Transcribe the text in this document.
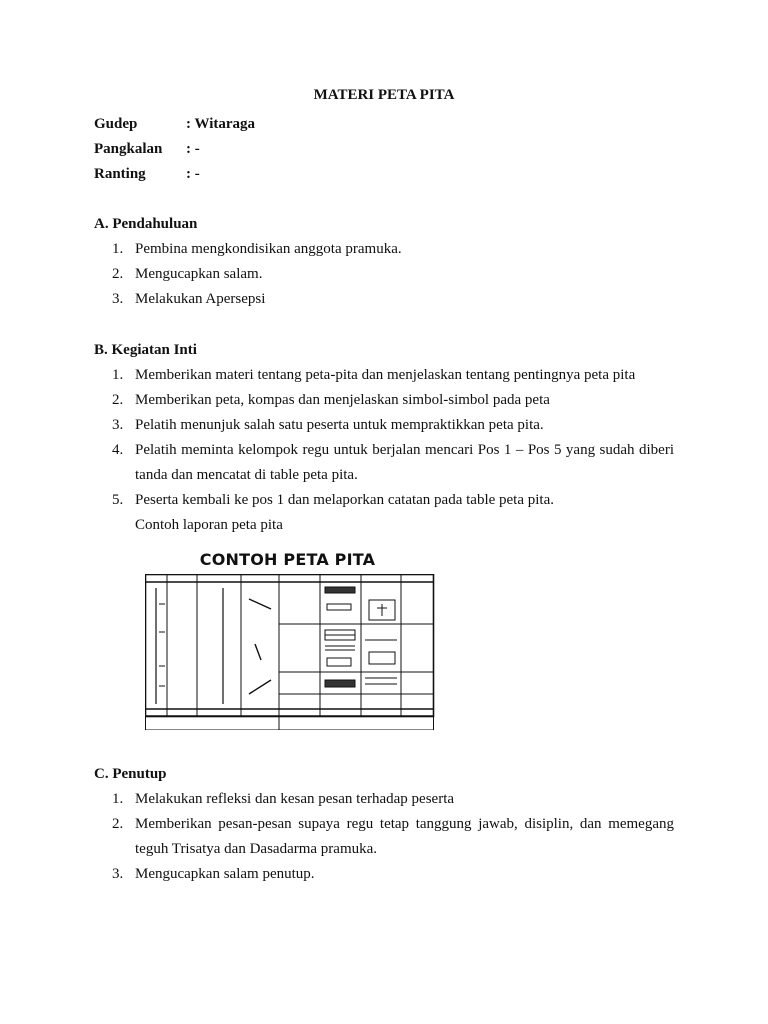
MATERI PETA PITA
Gudep	: Witaraga
Pangkalan : -
Ranting	: -
A. Pendahuluan
1. Pembina mengkondisikan anggota pramuka.
2. Mengucapkan salam.
3. Melakukan Apersepsi
B. Kegiatan Inti
1. Memberikan materi tentang peta-pita dan menjelaskan tentang pentingnya peta pita
2. Memberikan peta, kompas dan menjelaskan simbol-simbol pada peta
3. Pelatih menunjuk salah satu peserta untuk mempraktikkan peta pita.
4. Pelatih meminta kelompok regu untuk berjalan mencari Pos 1 – Pos 5 yang sudah diberi tanda dan mencatat di table peta pita.
5. Peserta kembali ke pos 1 dan melaporkan catatan pada table peta pita.
Contoh laporan peta pita
CONTOH PETA PITA
C. Penutup
1. Melakukan refleksi dan kesan pesan terhadap peserta
2. Memberikan pesan-pesan supaya regu tetap tanggung jawab, disiplin, dan memegang teguh Trisatya dan Dasadarma pramuka.
3. Mengucapkan salam penutup.
